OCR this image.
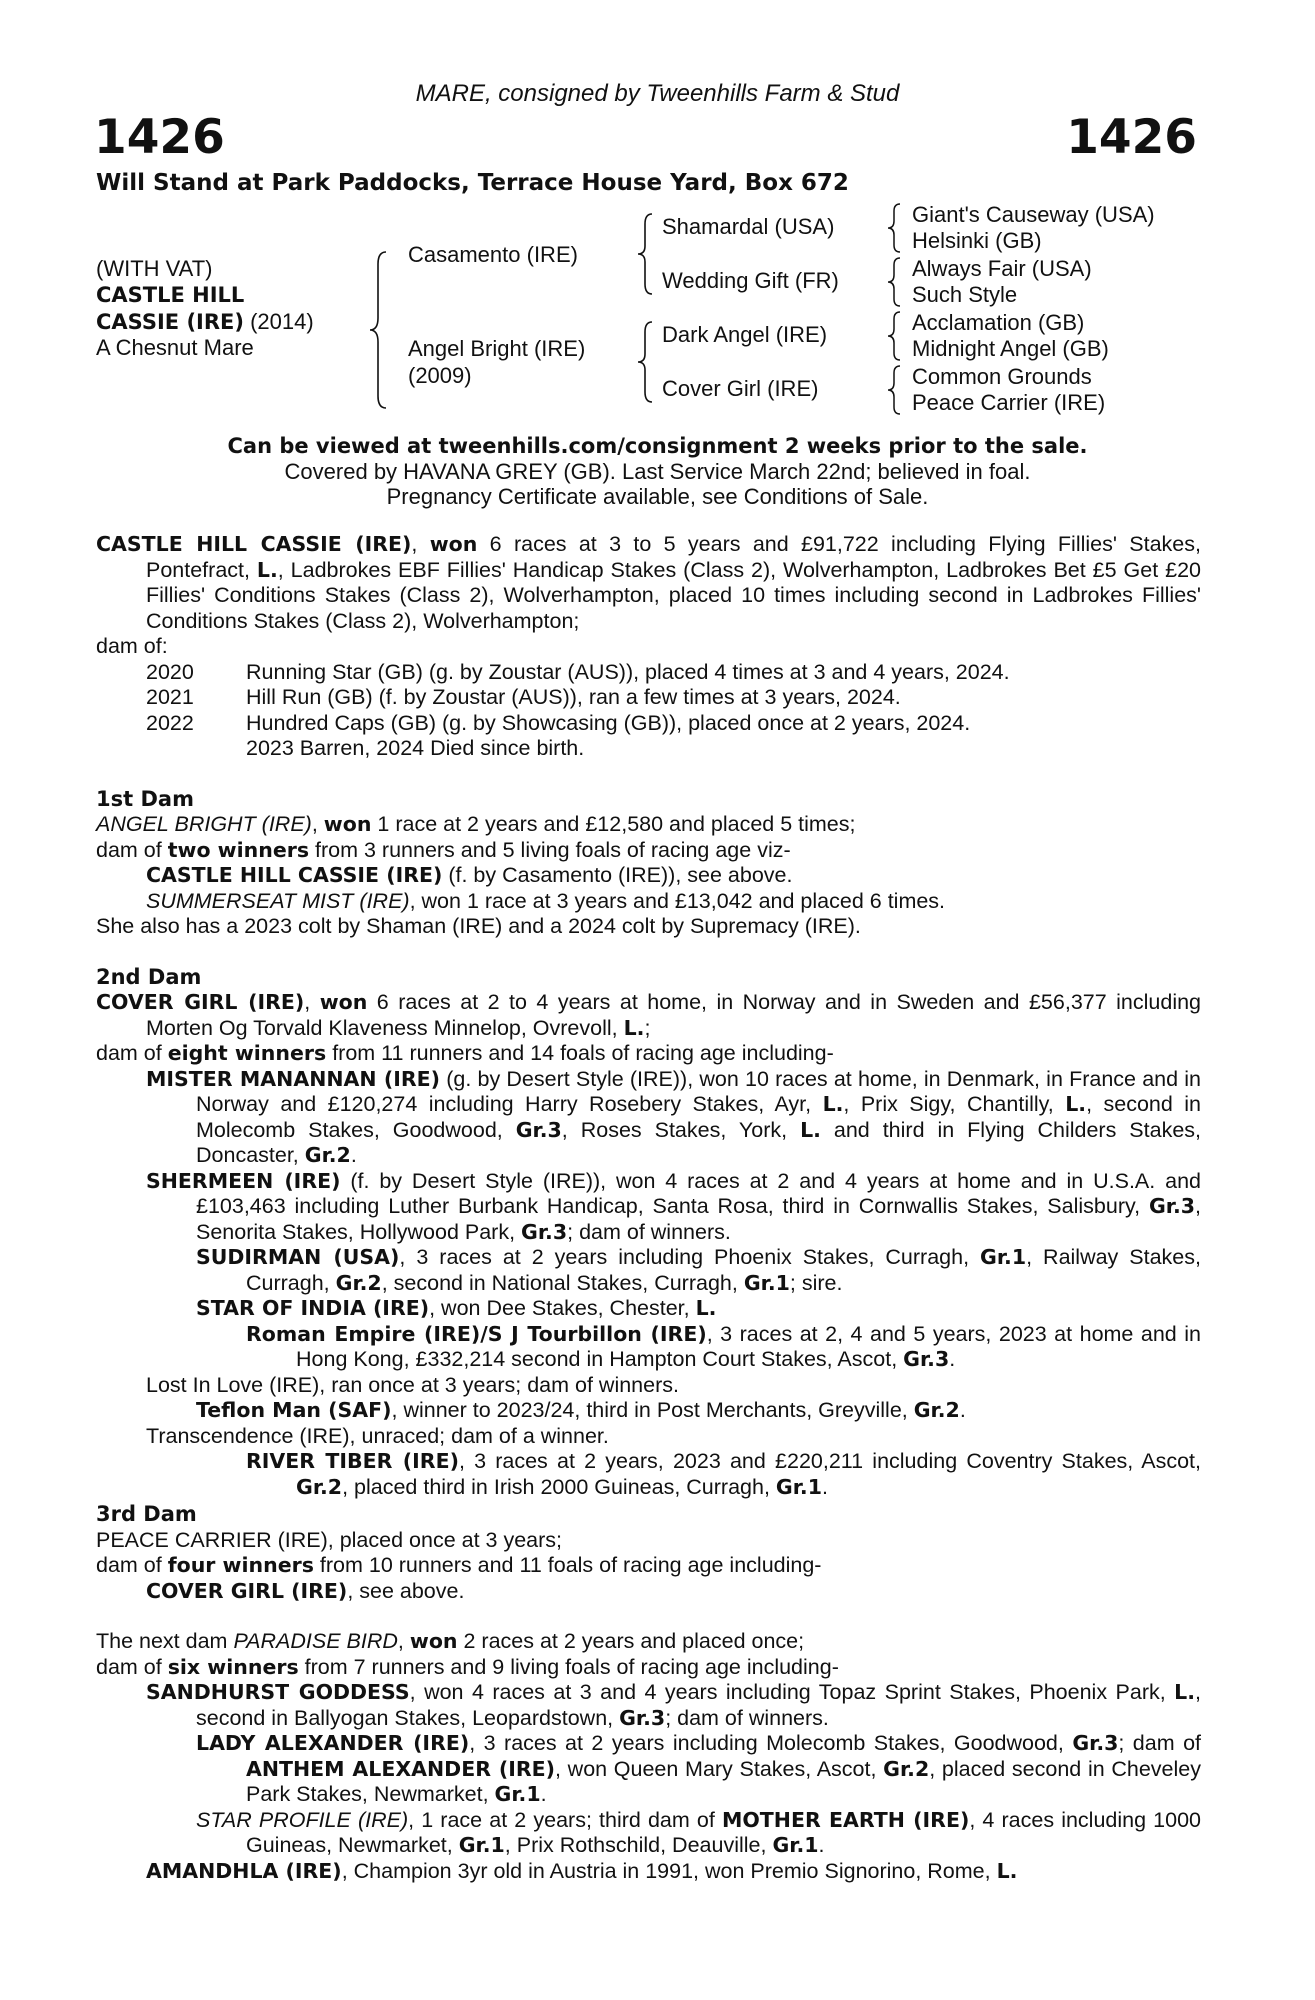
MARE, consigned by Tweenhills Farm & Stud
1426	1426
Will Stand at Park Paddocks, Terrace House Yard, Box 672
(WITH VAT)
CASTLE HILL
CASSIE (IRE) (2014)
A Chesnut Mare
Casamento (IRE)
Angel Bright (IRE)
(2009)
Shamardal (USA)
Wedding Gift (FR)
Dark Angel (IRE)
Cover Girl (IRE)
Giant's Causeway (USA)
Helsinki (GB)
Always Fair (USA)
Such Style
Acclamation (GB)
Midnight Angel (GB)
Common Grounds
Peace Carrier (IRE)
Can be viewed at tweenhills.com/consignment 2 weeks prior to the sale.
Covered by HAVANA GREY (GB). Last Service March 22nd; believed in foal.
Pregnancy Certificate available, see Conditions of Sale.

CASTLE HILL CASSIE (IRE), won 6 races at 3 to 5 years and £91,722 including Flying Fillies' Stakes, Pontefract, L., Ladbrokes EBF Fillies' Handicap Stakes (Class 2), Wolverhampton, Ladbrokes Bet £5 Get £20 Fillies' Conditions Stakes (Class 2), Wolverhampton, placed 10 times including second in Ladbrokes Fillies' Conditions Stakes (Class 2), Wolverhampton;

dam of:

2020 Running Star (GB) (g. by Zoustar (AUS)), placed 4 times at 3 and 4 years, 2024.

2021 Hill Run (GB) (f. by Zoustar (AUS)), ran a few times at 3 years, 2024.

2022 Hundred Caps (GB) (g. by Showcasing (GB)), placed once at 2 years, 2024.

2023 Barren, 2024 Died since birth.

1st Dam

ANGEL BRIGHT (IRE), won 1 race at 2 years and £12,580 and placed 5 times;

dam of two winners from 3 runners and 5 living foals of racing age viz-

CASTLE HILL CASSIE (IRE) (f. by Casamento (IRE)), see above.

SUMMERSEAT MIST (IRE), won 1 race at 3 years and £13,042 and placed 6 times.

She also has a 2023 colt by Shaman (IRE) and a 2024 colt by Supremacy (IRE).

2nd Dam

COVER GIRL (IRE), won 6 races at 2 to 4 years at home, in Norway and in Sweden and £56,377 including Morten Og Torvald Klaveness Minnelop, Ovrevoll, L.;

dam of eight winners from 11 runners and 14 foals of racing age including-

MISTER MANANNAN (IRE) (g. by Desert Style (IRE)), won 10 races at home, in Denmark, in France and in Norway and £120,274 including Harry Rosebery Stakes, Ayr, L., Prix Sigy, Chantilly, L., second in Molecomb Stakes, Goodwood, Gr.3, Roses Stakes, York, L. and third in Flying Childers Stakes, Doncaster, Gr.2.

SHERMEEN (IRE) (f. by Desert Style (IRE)), won 4 races at 2 and 4 years at home and in U.S.A. and £103,463 including Luther Burbank Handicap, Santa Rosa, third in Cornwallis Stakes, Salisbury, Gr.3, Senorita Stakes, Hollywood Park, Gr.3; dam of winners.

SUDIRMAN (USA), 3 races at 2 years including Phoenix Stakes, Curragh, Gr.1, Railway Stakes, Curragh, Gr.2, second in National Stakes, Curragh, Gr.1; sire.

STAR OF INDIA (IRE), won Dee Stakes, Chester, L.

Roman Empire (IRE)/S J Tourbillon (IRE), 3 races at 2, 4 and 5 years, 2023 at home and in Hong Kong, £332,214 second in Hampton Court Stakes, Ascot, Gr.3.

Lost In Love (IRE), ran once at 3 years; dam of winners.

Teflon Man (SAF), winner to 2023/24, third in Post Merchants, Greyville, Gr.2.

Transcendence (IRE), unraced; dam of a winner.

RIVER TIBER (IRE), 3 races at 2 years, 2023 and £220,211 including Coventry Stakes, Ascot, Gr.2, placed third in Irish 2000 Guineas, Curragh, Gr.1.

3rd Dam

PEACE CARRIER (IRE), placed once at 3 years;

dam of four winners from 10 runners and 11 foals of racing age including-

COVER GIRL (IRE), see above.

The next dam PARADISE BIRD, won 2 races at 2 years and placed once;

dam of six winners from 7 runners and 9 living foals of racing age including-

SANDHURST GODDESS, won 4 races at 3 and 4 years including Topaz Sprint Stakes, Phoenix Park, L., second in Ballyogan Stakes, Leopardstown, Gr.3; dam of winners.

LADY ALEXANDER (IRE), 3 races at 2 years including Molecomb Stakes, Goodwood, Gr.3; dam of ANTHEM ALEXANDER (IRE), won Queen Mary Stakes, Ascot, Gr.2, placed second in Cheveley Park Stakes, Newmarket, Gr.1.

STAR PROFILE (IRE), 1 race at 2 years; third dam of MOTHER EARTH (IRE), 4 races including 1000 Guineas, Newmarket, Gr.1, Prix Rothschild, Deauville, Gr.1.

AMANDHLA (IRE), Champion 3yr old in Austria in 1991, won Premio Signorino, Rome, L.
